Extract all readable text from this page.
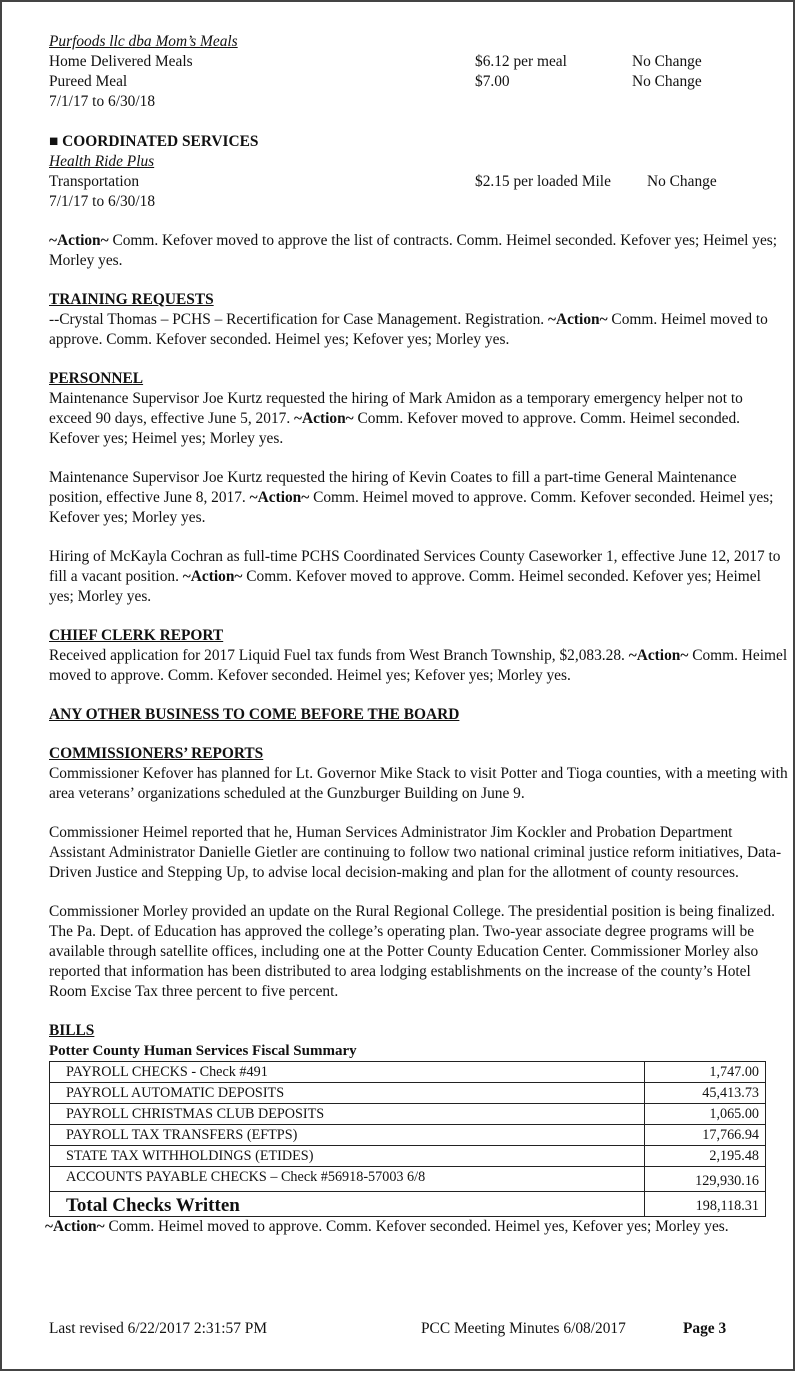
Purfoods llc dba Mom’s Meals
Home Delivered Meals	$6.12 per meal	No Change
Pureed Meal	$7.00	No Change
7/1/17 to 6/30/18
■ COORDINATED SERVICES
Health Ride Plus
Transportation	$2.15 per loaded Mile	No Change
7/1/17 to 6/30/18

~Action~ Comm. Kefover moved to approve the list of contracts. Comm. Heimel seconded. Kefover yes; Heimel yes; Morley yes.

TRAINING REQUESTS

--Crystal Thomas – PCHS – Recertification for Case Management. Registration. ~Action~ Comm. Heimel moved to approve. Comm. Kefover seconded. Heimel yes; Kefover yes; Morley yes.

PERSONNEL

Maintenance Supervisor Joe Kurtz requested the hiring of Mark Amidon as a temporary emergency helper not to exceed 90 days, effective June 5, 2017. ~Action~ Comm. Kefover moved to approve. Comm. Heimel seconded. Kefover yes; Heimel yes; Morley yes.

Maintenance Supervisor Joe Kurtz requested the hiring of Kevin Coates to fill a part-time General Maintenance position, effective June 8, 2017. ~Action~ Comm. Heimel moved to approve. Comm. Kefover seconded. Heimel yes; Kefover yes; Morley yes.

Hiring of McKayla Cochran as full-time PCHS Coordinated Services County Caseworker 1, effective June 12, 2017 to fill a vacant position. ~Action~ Comm. Kefover moved to approve. Comm. Heimel seconded. Kefover yes; Heimel yes; Morley yes.

CHIEF CLERK REPORT

Received application for 2017 Liquid Fuel tax funds from West Branch Township, $2,083.28. ~Action~ Comm. Heimel moved to approve. Comm. Kefover seconded. Heimel yes; Kefover yes; Morley yes.

ANY OTHER BUSINESS TO COME BEFORE THE BOARD
COMMISSIONERS’ REPORTS

Commissioner Kefover has planned for Lt. Governor Mike Stack to visit Potter and Tioga counties, with a meeting with area veterans’ organizations scheduled at the Gunzburger Building on June 9.

Commissioner Heimel reported that he, Human Services Administrator Jim Kockler and Probation Department Assistant Administrator Danielle Gietler are continuing to follow two national criminal justice reform initiatives, Data-Driven Justice and Stepping Up, to advise local decision-making and plan for the allotment of county resources.

Commissioner Morley provided an update on the Rural Regional College. The presidential position is being finalized. The Pa. Dept. of Education has approved the college’s operating plan. Two-year associate degree programs will be available through satellite offices, including one at the Potter County Education Center. Commissioner Morley also reported that information has been distributed to area lodging establishments on the increase of the county’s Hotel Room Excise Tax three percent to five percent.

BILLS
Potter County Human Services Fiscal Summary
PAYROLL CHECKS - Check #491	1,747.00
PAYROLL AUTOMATIC DEPOSITS	45,413.73
PAYROLL CHRISTMAS CLUB DEPOSITS	1,065.00
PAYROLL TAX TRANSFERS (EFTPS)	17,766.94
STATE TAX WITHHOLDINGS (ETIDES)	2,195.48
ACCOUNTS PAYABLE CHECKS – Check #56918-57003 6/8	129,930.16
Total Checks Written	198,118.31

~Action~ Comm. Heimel moved to approve. Comm. Kefover seconded. Heimel yes, Kefover yes; Morley yes.

Last revised 6/22/2017 2:31:57 PM	PCC Meeting Minutes 6/08/2017	Page 3
